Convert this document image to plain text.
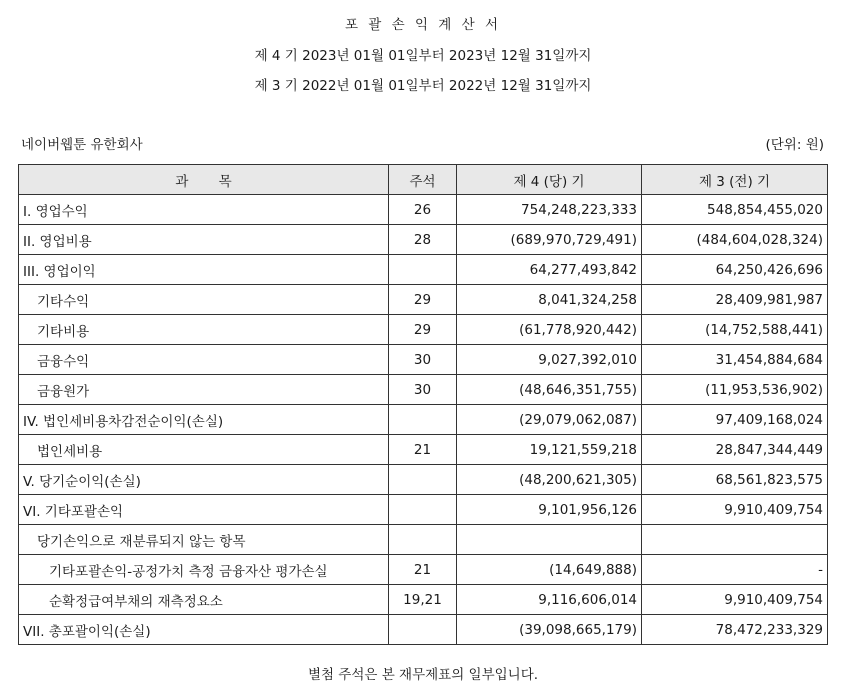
포 괄 손 익 계 산 서
제 4 기 2023년 01월 01일부터 2023년 12월 31일까지
제 3 기 2022년 01월 01일부터 2022년 12월 31일까지
네이버웹툰 유한회사	(단위: 원)
과 목	주석	제 4 (당) 기	제 3 (전) 기
I. 영업수익	26	754,248,223,333	548,854,455,020
II. 영업비용	28	(689,970,729,491)	(484,604,028,324)
III. 영업이익		64,277,493,842	64,250,426,696
기타수익	29	8,041,324,258	28,409,981,987
기타비용	29	(61,778,920,442)	(14,752,588,441)
금융수익	30	9,027,392,010	31,454,884,684
금융원가	30	(48,646,351,755)	(11,953,536,902)
IV. 법인세비용차감전순이익(손실)		(29,079,062,087)	97,409,168,024
법인세비용	21	19,121,559,218	28,847,344,449
V. 당기순이익(손실)		(48,200,621,305)	68,561,823,575
VI. 기타포괄손익		9,101,956,126	9,910,409,754
당기손익으로 재분류되지 않는 항목			
기타포괄손익-공정가치 측정 금융자산 평가손실	21	(14,649,888)	-
순확정급여부채의 재측정요소	19,21	9,116,606,014	9,910,409,754
VII. 총포괄이익(손실)		(39,098,665,179)	78,472,233,329
별첨 주석은 본 재무제표의 일부입니다.
